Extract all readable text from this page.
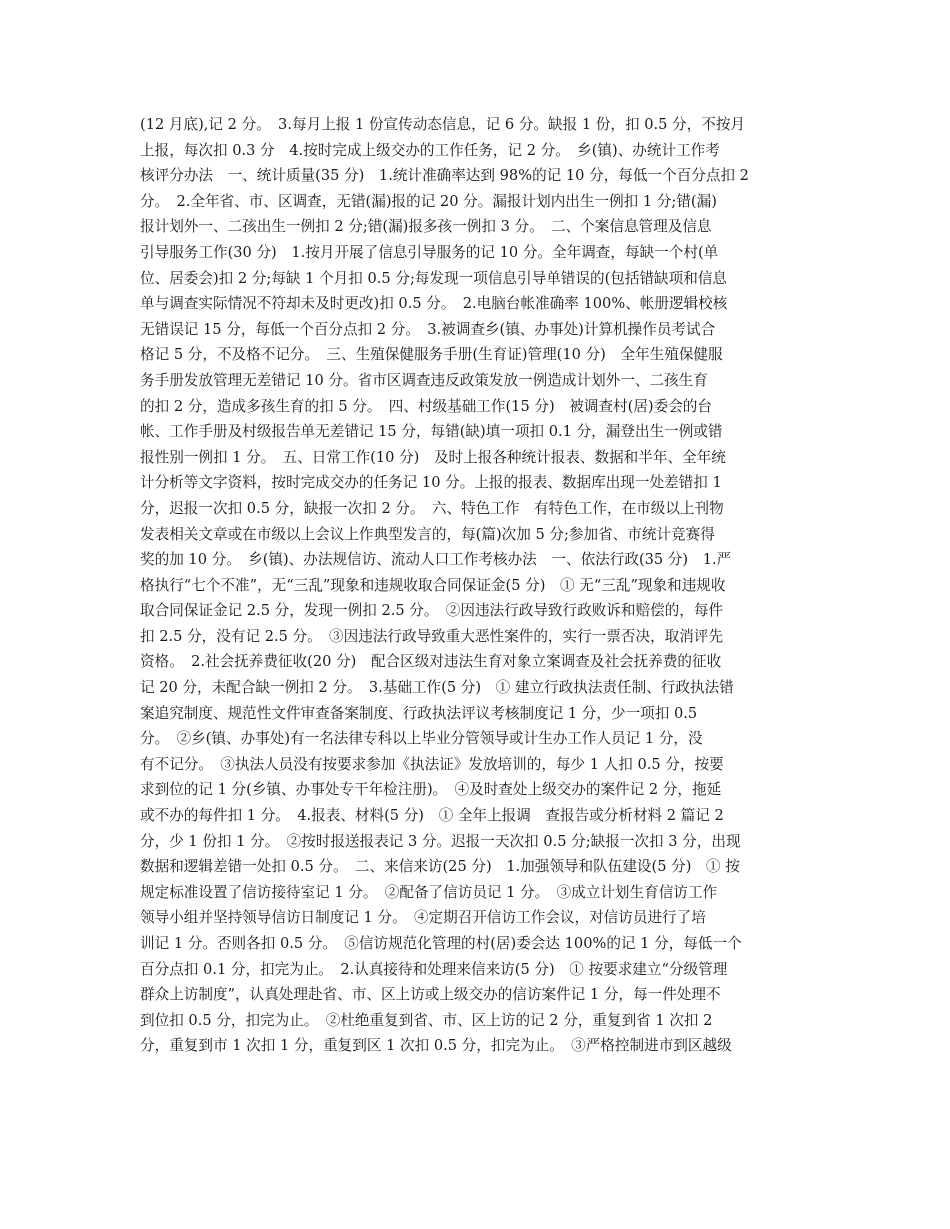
(12 月底),记 2 分。　3.每月上报 1 份宣传动态信息，记 6 分。缺报 1 份，扣 0.5 分，不按月
上报，每次扣 0.3 分　4.按时完成上级交办的工作任务，记 2 分。　乡(镇)、办统计工作考
核评分办法　一、统计质量(35 分)　1.统计准确率达到 98%的记 10 分，每低一个百分点扣 2
分。　2.全年省、市、区调查，无错(漏)报的记 20 分。漏报计划内出生一例扣 1 分;错(漏)
报计划外一、二孩出生一例扣 2 分;错(漏)报多孩一例扣 3 分。　二、个案信息管理及信息
引导服务工作(30 分)　1.按月开展了信息引导服务的记 10 分。全年调查，每缺一个村(单
位、居委会)扣 2 分;每缺 1 个月扣 0.5 分;每发现一项信息引导单错误的(包括错缺项和信息
单与调查实际情况不符却未及时更改)扣 0.5 分。　2.电脑台帐准确率 100%、帐册逻辑校核
无错误记 15 分，每低一个百分点扣 2 分。　3.被调查乡(镇、办事处)计算机操作员考试合
格记 5 分，不及格不记分。　三、生殖保健服务手册(生育证)管理(10 分)　全年生殖保健服
务手册发放管理无差错记 10 分。省市区调查违反政策发放一例造成计划外一、二孩生育
的扣 2 分，造成多孩生育的扣 5 分。　四、村级基础工作(15 分)　被调查村(居)委会的台
帐、工作手册及村级报告单无差错记 15 分，每错(缺)填一项扣 0.1 分，漏登出生一例或错
报性别一例扣 1 分。　五、日常工作(10 分)　及时上报各种统计报表、数据和半年、全年统
计分析等文字资料，按时完成交办的任务记 10 分。上报的报表、数据库出现一处差错扣 1
分，迟报一次扣 0.5 分，缺报一次扣 2 分。　六、特色工作　有特色工作，在市级以上刊物
发表相关文章或在市级以上会议上作典型发言的，每(篇)次加 5 分;参加省、市统计竞赛得
奖的加 10 分。　乡(镇)、办法规信访、流动人口工作考核办法　一、依法行政(35 分)　1.严
格执行“七个不准”，无“三乱”现象和违规收取合同保证金(5 分)　① 无“三乱”现象和违规收
取合同保证金记 2.5 分，发现一例扣 2.5 分。　②因违法行政导致行政败诉和赔偿的，每件
扣 2.5 分，没有记 2.5 分。　③因违法行政导致重大恶性案件的，实行一票否决，取消评先
资格。　2.社会抚养费征收(20 分)　配合区级对违法生育对象立案调查及社会抚养费的征收
记 20 分，未配合缺一例扣 2 分。　3.基础工作(5 分)　① 建立行政执法责任制、行政执法错
案追究制度、规范性文件审查备案制度、行政执法评议考核制度记 1 分，少一项扣 0.5
分。　②乡(镇、办事处)有一名法律专科以上毕业分管领导或计生办工作人员记 1 分，没
有不记分。　③执法人员没有按要求参加《执法证》发放培训的，每少 1 人扣 0.5 分，按要
求到位的记 1 分(乡镇、办事处专干年检注册)。　④及时查处上级交办的案件记 2 分，拖延
或不办的每件扣 1 分。　4.报表、材料(5 分)　① 全年上报调　查报告或分析材料 2 篇记 2
分，少 1 份扣 1 分。　②按时报送报表记 3 分。迟报一天次扣 0.5 分;缺报一次扣 3 分，出现
数据和逻辑差错一处扣 0.5 分。　二、来信来访(25 分)　1.加强领导和队伍建设(5 分)　① 按
规定标准设置了信访接待室记 1 分。　②配备了信访员记 1 分。　③成立计划生育信访工作
领导小组并坚持领导信访日制度记 1 分。　④定期召开信访工作会议，对信访员进行了培
训记 1 分。否则各扣 0.5 分。　⑤信访规范化管理的村(居)委会达 100%的记 1 分，每低一个
百分点扣 0.1 分，扣完为止。　2.认真接待和处理来信来访(5 分)　① 按要求建立“分级管理
群众上访制度”，认真处理赴省、市、区上访或上级交办的信访案件记 1 分，每一件处理不
到位扣 0.5 分，扣完为止。　②杜绝重复到省、市、区上访的记 2 分，重复到省 1 次扣 2
分，重复到市 1 次扣 1 分，重复到区 1 次扣 0.5 分，扣完为止。　③严格控制进市到区越级
